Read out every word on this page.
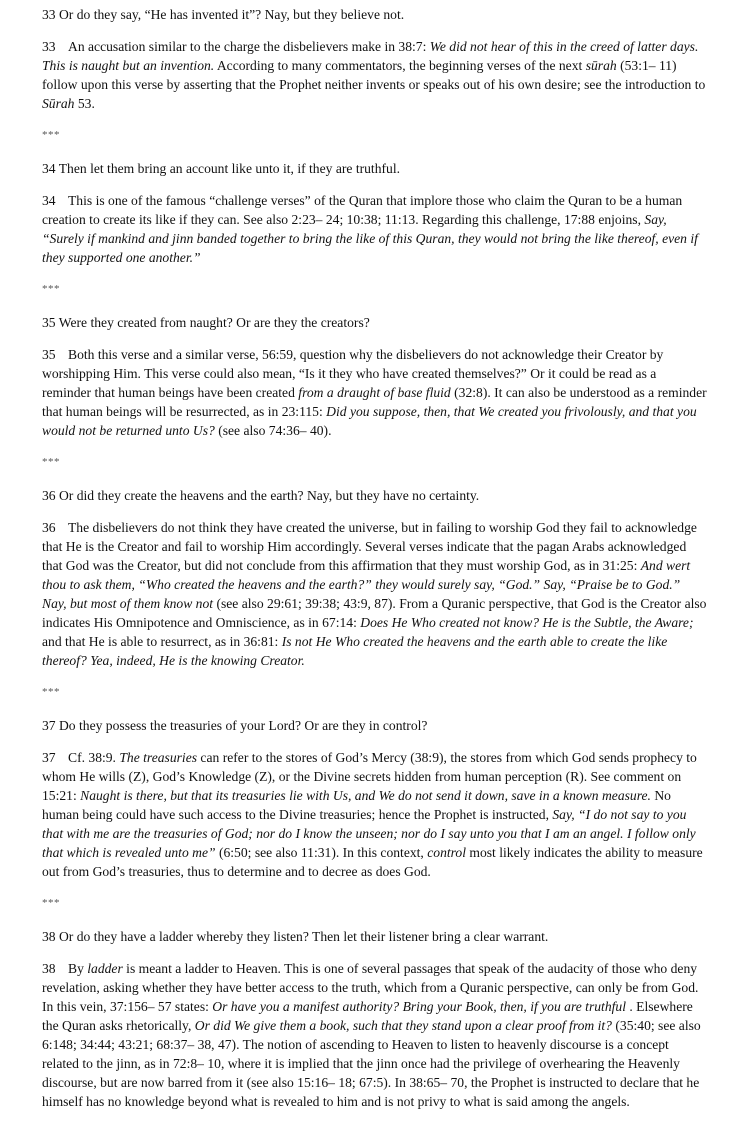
33 Or do they say, “He has invented it”? Nay, but they believe not.

33 An accusation similar to the charge the disbelievers make in 38:7: We did not hear of this in the creed of latter days. This is naught but an invention. According to many commentators, the beginning verses of the next sūrah (53:1– 11) follow upon this verse by asserting that the Prophet neither invents or speaks out of his own desire; see the introduction to Sūrah 53.

***

34 Then let them bring an account like unto it, if they are truthful.

34 This is one of the famous “challenge verses” of the Quran that implore those who claim the Quran to be a human creation to create its like if they can. See also 2:23– 24; 10:38; 11:13. Regarding this challenge, 17:88 enjoins, Say, “Surely if mankind and jinn banded together to bring the like of this Quran, they would not bring the like thereof, even if they supported one another.”

***

35 Were they created from naught? Or are they the creators?

35 Both this verse and a similar verse, 56:59, question why the disbelievers do not acknowledge their Creator by worshipping Him. This verse could also mean, “Is it they who have created themselves?” Or it could be read as a reminder that human beings have been created from a draught of base fluid (32:8). It can also be understood as a reminder that human beings will be resurrected, as in 23:115: Did you suppose, then, that We created you frivolously, and that you would not be returned unto Us? (see also 74:36– 40).

***

36 Or did they create the heavens and the earth? Nay, but they have no certainty.

36 The disbelievers do not think they have created the universe, but in failing to worship God they fail to acknowledge that He is the Creator and fail to worship Him accordingly. Several verses indicate that the pagan Arabs acknowledged that God was the Creator, but did not conclude from this affirmation that they must worship God, as in 31:25: And wert thou to ask them, “Who created the heavens and the earth?” they would surely say, “God.” Say, “Praise be to God.” Nay, but most of them know not (see also 29:61; 39:38; 43:9, 87). From a Quranic perspective, that God is the Creator also indicates His Omnipotence and Omniscience, as in 67:14: Does He Who created not know? He is the Subtle, the Aware; and that He is able to resurrect, as in 36:81: Is not He Who created the heavens and the earth able to create the like thereof? Yea, indeed, He is the knowing Creator.

***

37 Do they possess the treasuries of your Lord? Or are they in control?

37 Cf. 38:9. The treasuries can refer to the stores of God’s Mercy (38:9), the stores from which God sends prophecy to whom He wills (Z), God’s Knowledge (Z), or the Divine secrets hidden from human perception (R). See comment on 15:21: Naught is there, but that its treasuries lie with Us, and We do not send it down, save in a known measure. No human being could have such access to the Divine treasuries; hence the Prophet is instructed, Say, “I do not say to you that with me are the treasuries of God; nor do I know the unseen; nor do I say unto you that I am an angel. I follow only that which is revealed unto me” (6:50; see also 11:31). In this context, control most likely indicates the ability to measure out from God’s treasuries, thus to determine and to decree as does God.

***

38 Or do they have a ladder whereby they listen? Then let their listener bring a clear warrant.

38 By ladder is meant a ladder to Heaven. This is one of several passages that speak of the audacity of those who deny revelation, asking whether they have better access to the truth, which from a Quranic perspective, can only be from God. In this vein, 37:156– 57 states: Or have you a manifest authority? Bring your Book, then, if you are truthful . Elsewhere the Quran asks rhetorically, Or did We give them a book, such that they stand upon a clear proof from it? (35:40; see also 6:148; 34:44; 43:21; 68:37– 38, 47). The notion of ascending to Heaven to listen to heavenly discourse is a concept related to the jinn, as in 72:8– 10, where it is implied that the jinn once had the privilege of overhearing the Heavenly discourse, but are now barred from it (see also 15:16– 18; 67:5). In 38:65– 70, the Prophet is instructed to declare that he himself has no knowledge beyond what is revealed to him and is not privy to what is said among the angels.
